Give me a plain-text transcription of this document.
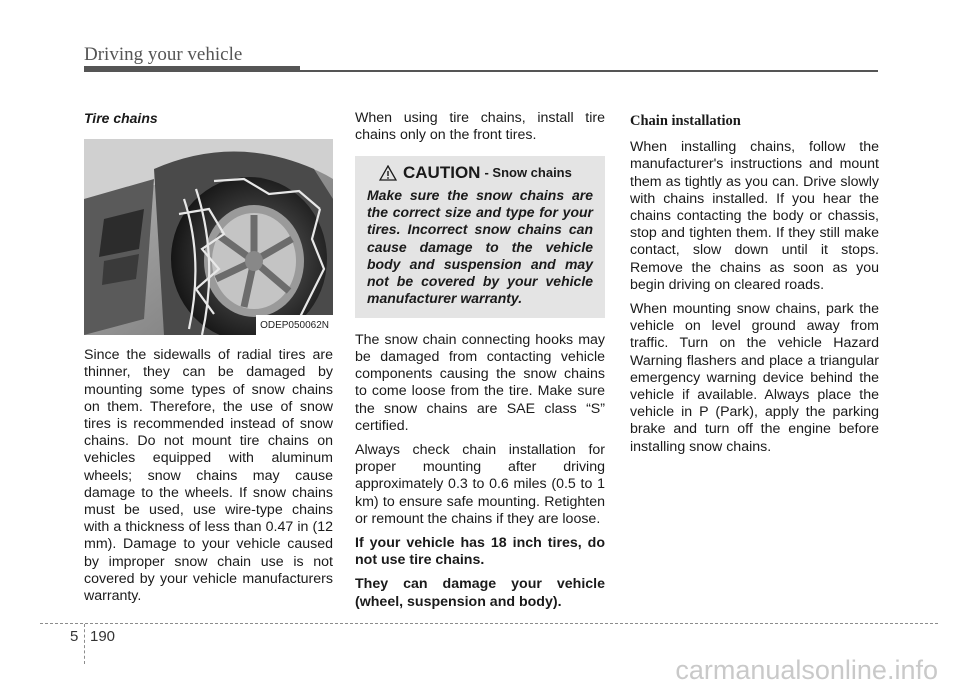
Driving your vehicle
Tire chains
ODEP050062N

Since the sidewalls of radial tires are thinner, they can be damaged by mounting some types of snow chains on them. Therefore, the use of snow tires is recommended instead of snow chains. Do not mount tire chains on vehicles equipped with aluminum wheels; snow chains may cause damage to the wheels. If snow chains must be used, use wire-type chains with a thickness of less than 0.47 in (12 mm). Damage to your vehicle caused by improper snow chain use is not covered by your vehicle manufacturers warranty.

When using tire chains, install tire chains only on the front tires.

CAUTION - Snow chains
Make sure the snow chains are the correct size and type for your tires. Incorrect snow chains can cause damage to the vehicle body and suspension and may not be covered by your vehicle manufacturer warranty.

The snow chain connecting hooks may be damaged from contacting vehicle components causing the snow chains to come loose from the tire. Make sure the snow chains are SAE class “S” certified.

Always check chain installation for proper mounting after driving approximately 0.3 to 0.6 miles (0.5 to 1 km) to ensure safe mounting. Retighten or remount the chains if they are loose.

If your vehicle has 18 inch tires, do not use tire chains.

They can damage your vehicle (wheel, suspension and body).

Chain installation

When installing chains, follow the manufacturer's instructions and mount them as tightly as you can. Drive slowly with chains installed. If you hear the chains contacting the body or chassis, stop and tighten them. If they still make contact, slow down until it stops. Remove the chains as soon as you begin driving on cleared roads.

When mounting snow chains, park the vehicle on level ground away from traffic. Turn on the vehicle Hazard Warning flashers and place a triangular emergency warning device behind the vehicle if available. Always place the vehicle in P (Park), apply the parking brake and turn off the engine before installing snow chains.

5 190
carmanualsonline.info
